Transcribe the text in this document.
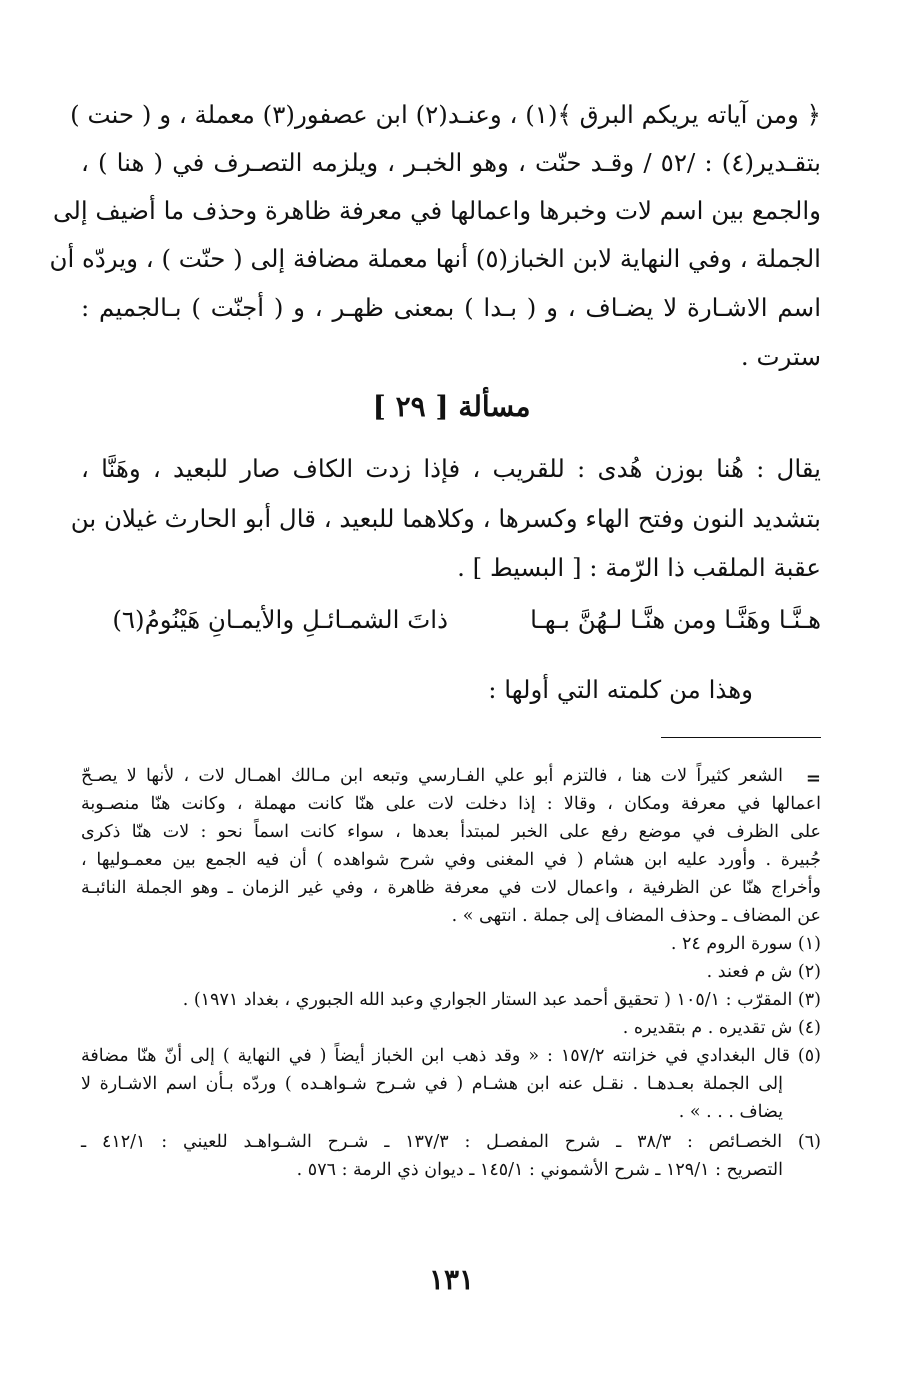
﴿ ومن آياته يريكم البرق ﴾(١) ، وعنـد(٢) ابن عصفور(٣) معملة ، و ( حنت )
بتقـدير(٤) : /٥٢ / وقـد حنّت ، وهو الخبـر ، ويلزمه التصـرف في ( هنا ) ،
والجمع بين اسم لات وخبرها واعمالها في معرفة ظاهرة وحذف ما أضيف إلى
الجملة ، وفي النهاية لابن الخباز(٥) أنها معملة مضافة إلى ( حنّت ) ، ويردّه أن
اسم الاشـارة لا يضـاف ، و ( بـدا ) بمعنى ظهـر ، و ( أجنّت ) بـالجميم :
سترت .
مسألة [ ٢٩ ]
يقال : هُنا بوزن هُدى : للقريب ، فإذا زدت الكاف صار للبعيد ، وهَنَّا ،
بتشديد النون وفتح الهاء وكسرها ، وكلاهما للبعيد ، قال أبو الحارث غيلان بن
عقبة الملقب ذا الرّمة : [ البسيط ] .
هـنَّـا وهَنَّـا ومن هنَّـا لـهُنَّ بـهـا
ذاتَ الشمـائـلِ والأيمـانِ هَيْنُومُ(٦)
وهذا من كلمته التي أولها :
=
الشعر كثيراً لات هنا ، فالتزم أبو علي الفـارسي وتبعه ابن مـالك اهمـال لات ، لأنها لا يصـحّ
اعمالها في معرفة ومكان ، وقالا : إذا دخلت لات على هنّا كانت مهملة ، وكانت هنّا منصـوبة
على الظرف في موضع رفع على الخبر لمبتدأ بعدها ، سواء كانت اسماً نحو : لات هنّا ذكرى
جُبيرة . وأورد عليه ابن هشام ( في المغنى وفي شرح شواهده ) أن فيه الجمع بين معمـوليها ،
وأخراج هنّا عن الظرفية ، واعمال لات في معرفة ظاهرة ، وفي غير الزمان ـ وهو الجملة النائبـة
عن المضاف ـ وحذف المضاف إلى جملة . انتهى » .
(١) سورة الروم ٢٤ .
(٢) ش م فعند .
(٣) المقرّب : ١٠٥/١ ( تحقيق أحمد عبد الستار الجواري وعبد الله الجبوري ، بغداد ١٩٧١) .
(٤) ش تقديره . م بتقديره .
(٥) قال البغدادي في خزانته ١٥٧/٢ : « وقد ذهب ابن الخباز أيضاً ( في النهاية ) إلى أنّ هنّا مضافة
إلى الجملة بعـدهـا . نقـل عنه ابن هشـام ( في شـرح شـواهـده ) وردّه بـأن اسم الاشـارة لا
يضاف . . . » .
(٦) الخصـائص : ٣٨/٣ ـ شرح المفصـل : ١٣٧/٣ ـ شـرح الشـواهـد للعيني : ٤١٢/١ ـ
التصريح : ١٢٩/١ ـ شرح الأشموني : ١٤٥/١ ـ ديوان ذي الرمة : ٥٧٦ .
١٣١
